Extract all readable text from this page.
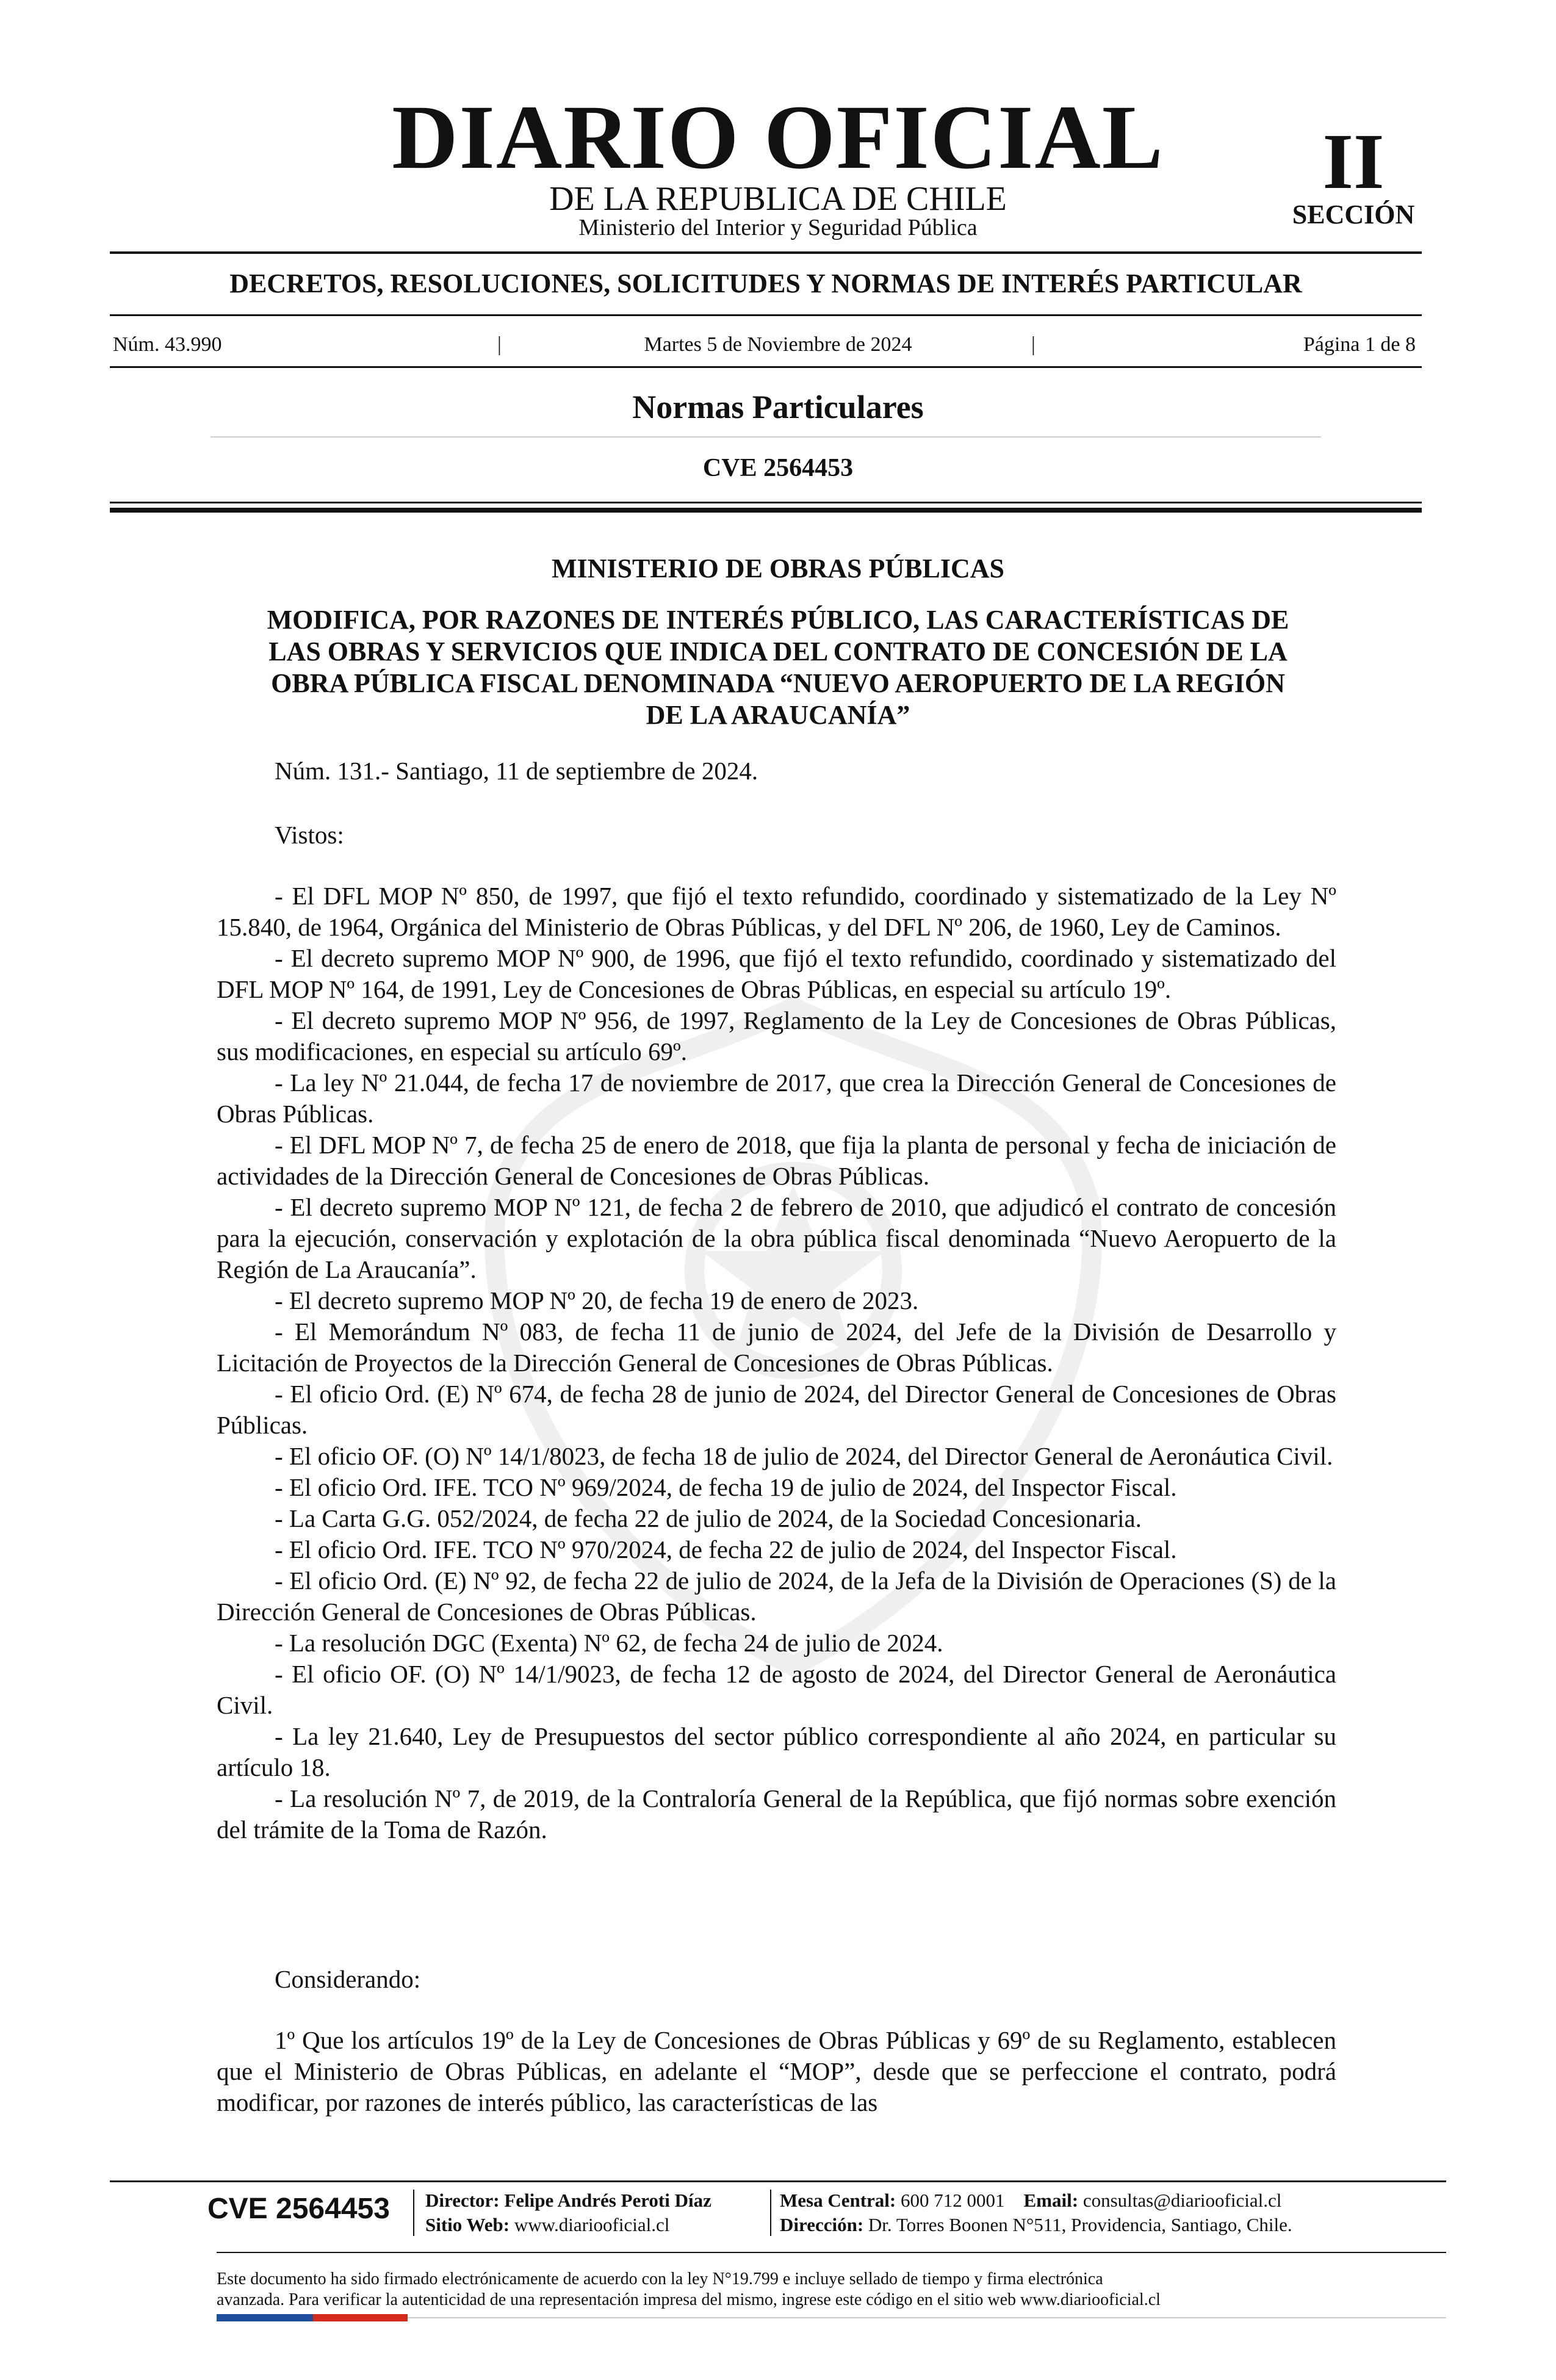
DIARIO OFICIAL
DE LA REPUBLICA DE CHILE
Ministerio del Interior y Seguridad Pública
II
SECCIÓN
DECRETOS, RESOLUCIONES, SOLICITUDES Y NORMAS DE INTERÉS PARTICULAR
Núm. 43.990	|	Martes 5 de Noviembre de 2024	|	Página 1 de 8
Normas Particulares
CVE 2564453
MINISTERIO DE OBRAS PÚBLICAS
MODIFICA, POR RAZONES DE INTERÉS PÚBLICO, LAS CARACTERÍSTICAS DE
LAS OBRAS Y SERVICIOS QUE INDICA DEL CONTRATO DE CONCESIÓN DE LA
OBRA PÚBLICA FISCAL DENOMINADA “NUEVO AEROPUERTO DE LA REGIÓN
DE LA ARAUCANÍA”
Núm. 131.- Santiago, 11 de septiembre de 2024.
Vistos:

- El DFL MOP Nº 850, de 1997, que fijó el texto refundido, coordinado y sistematizado de la Ley Nº 15.840, de 1964, Orgánica del Ministerio de Obras Públicas, y del DFL Nº 206, de 1960, Ley de Caminos.

- El decreto supremo MOP Nº 900, de 1996, que fijó el texto refundido, coordinado y sistematizado del DFL MOP Nº 164, de 1991, Ley de Concesiones de Obras Públicas, en especial su artículo 19º.

- El decreto supremo MOP Nº 956, de 1997, Reglamento de la Ley de Concesiones de Obras Públicas, sus modificaciones, en especial su artículo 69º.

- La ley Nº 21.044, de fecha 17 de noviembre de 2017, que crea la Dirección General de Concesiones de Obras Públicas.

- El DFL MOP Nº 7, de fecha 25 de enero de 2018, que fija la planta de personal y fecha de iniciación de actividades de la Dirección General de Concesiones de Obras Públicas.

- El decreto supremo MOP Nº 121, de fecha 2 de febrero de 2010, que adjudicó el contrato de concesión para la ejecución, conservación y explotación de la obra pública fiscal denominada “Nuevo Aeropuerto de la Región de La Araucanía”.

- El decreto supremo MOP Nº 20, de fecha 19 de enero de 2023.

- El Memorándum Nº 083, de fecha 11 de junio de 2024, del Jefe de la División de Desarrollo y Licitación de Proyectos de la Dirección General de Concesiones de Obras Públicas.

- El oficio Ord. (E) Nº 674, de fecha 28 de junio de 2024, del Director General de Concesiones de Obras Públicas.

- El oficio OF. (O) Nº 14/1/8023, de fecha 18 de julio de 2024, del Director General de Aeronáutica Civil.

- El oficio Ord. IFE. TCO Nº 969/2024, de fecha 19 de julio de 2024, del Inspector Fiscal.

- La Carta G.G. 052/2024, de fecha 22 de julio de 2024, de la Sociedad Concesionaria.

- El oficio Ord. IFE. TCO Nº 970/2024, de fecha 22 de julio de 2024, del Inspector Fiscal.

- El oficio Ord. (E) Nº 92, de fecha 22 de julio de 2024, de la Jefa de la División de Operaciones (S) de la Dirección General de Concesiones de Obras Públicas.

- La resolución DGC (Exenta) Nº 62, de fecha 24 de julio de 2024.

- El oficio OF. (O) Nº 14/1/9023, de fecha 12 de agosto de 2024, del Director General de Aeronáutica Civil.

- La ley 21.640, Ley de Presupuestos del sector público correspondiente al año 2024, en particular su artículo 18.

- La resolución Nº 7, de 2019, de la Contraloría General de la República, que fijó normas sobre exención del trámite de la Toma de Razón.

Considerando:

1º Que los artículos 19º de la Ley de Concesiones de Obras Públicas y 69º de su Reglamento, establecen que el Ministerio de Obras Públicas, en adelante el “MOP”, desde que se perfeccione el contrato, podrá modificar, por razones de interés público, las características de las

CVE 2564453 Director: Felipe Andrés Peroti Díaz
Sitio Web: www.diariooficial.cl
Mesa Central: 600 712 0001 Email: consultas@diariooficial.cl
Dirección: Dr. Torres Boonen N°511, Providencia, Santiago, Chile.
Este documento ha sido firmado electrónicamente de acuerdo con la ley N°19.799 e incluye sellado de tiempo y firma electrónica
avanzada. Para verificar la autenticidad de una representación impresa del mismo, ingrese este código en el sitio web www.diariooficial.cl
